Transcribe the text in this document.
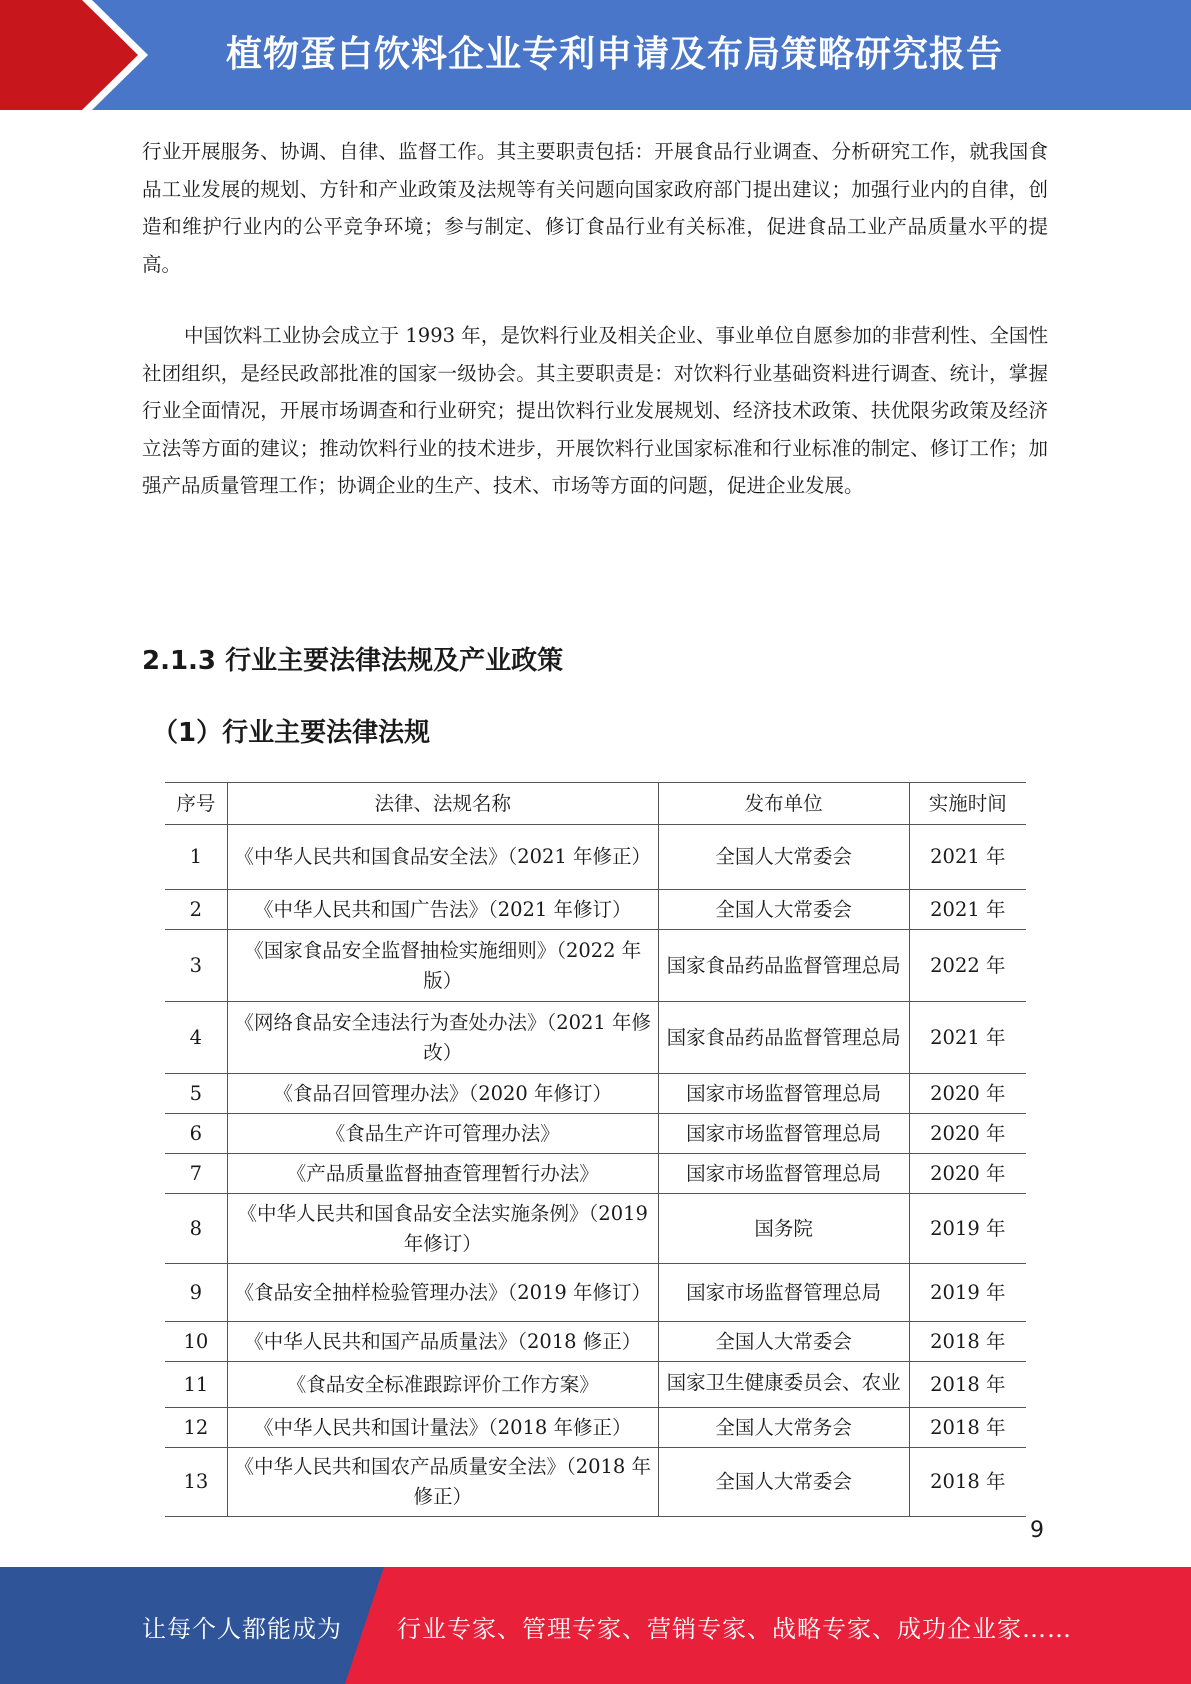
植物蛋白饮料企业专利申请及布局策略研究报告

行业开展服务、协调、自律、监督工作。其主要职责包括：开展食品行业调查、分析研究工作，就我国食品工业发展的规划、方针和产业政策及法规等有关问题向国家政府部门提出建议；加强行业内的自律，创造和维护行业内的公平竞争环境；参与制定、修订食品行业有关标准，促进食品工业产品质量水平的提高。

中国饮料工业协会成立于 1993 年，是饮料行业及相关企业、事业单位自愿参加的非营利性、全国性社团组织，是经民政部批准的国家一级协会。其主要职责是：对饮料行业基础资料进行调查、统计，掌握行业全面情况，开展市场调查和行业研究；提出饮料行业发展规划、经济技术政策、扶优限劣政策及经济立法等方面的建议；推动饮料行业的技术进步，开展饮料行业国家标准和行业标准的制定、修订工作；加强产品质量管理工作；协调企业的生产、技术、市场等方面的问题，促进企业发展。

2.1.3 行业主要法律法规及产业政策
（1）行业主要法律法规
序号	法律、法规名称	发布单位	实施时间
1	《中华人民共和国食品安全法》（2021 年修正）	全国人大常委会	2021 年
2	《中华人民共和国广告法》（2021 年修订）	全国人大常委会	2021 年
3	《国家食品安全监督抽检实施细则》（2022 年版）	国家食品药品监督管理总局	2022 年
4	《网络食品安全违法行为查处办法》（2021 年修改）	国家食品药品监督管理总局	2021 年
5	《食品召回管理办法》（2020 年修订）	国家市场监督管理总局	2020 年
6	《食品生产许可管理办法》	国家市场监督管理总局	2020 年
7	《产品质量监督抽查管理暂行办法》	国家市场监督管理总局	2020 年
8	《中华人民共和国食品安全法实施条例》（2019 年修订）	国务院	2019 年
9	《食品安全抽样检验管理办法》（2019 年修订）	国家市场监督管理总局	2019 年
10	《中华人民共和国产品质量法》（2018 修正）	全国人大常委会	2018 年
11	《食品安全标准跟踪评价工作方案》	国家卫生健康委员会、农业	2018 年
12	《中华人民共和国计量法》（2018 年修正）	全国人大常务会	2018 年
13	《中华人民共和国农产品质量安全法》（2018 年修正）	全国人大常委会	2018 年
9
让每个人都能成为 行业专家、管理专家、营销专家、战略专家、成功企业家……
